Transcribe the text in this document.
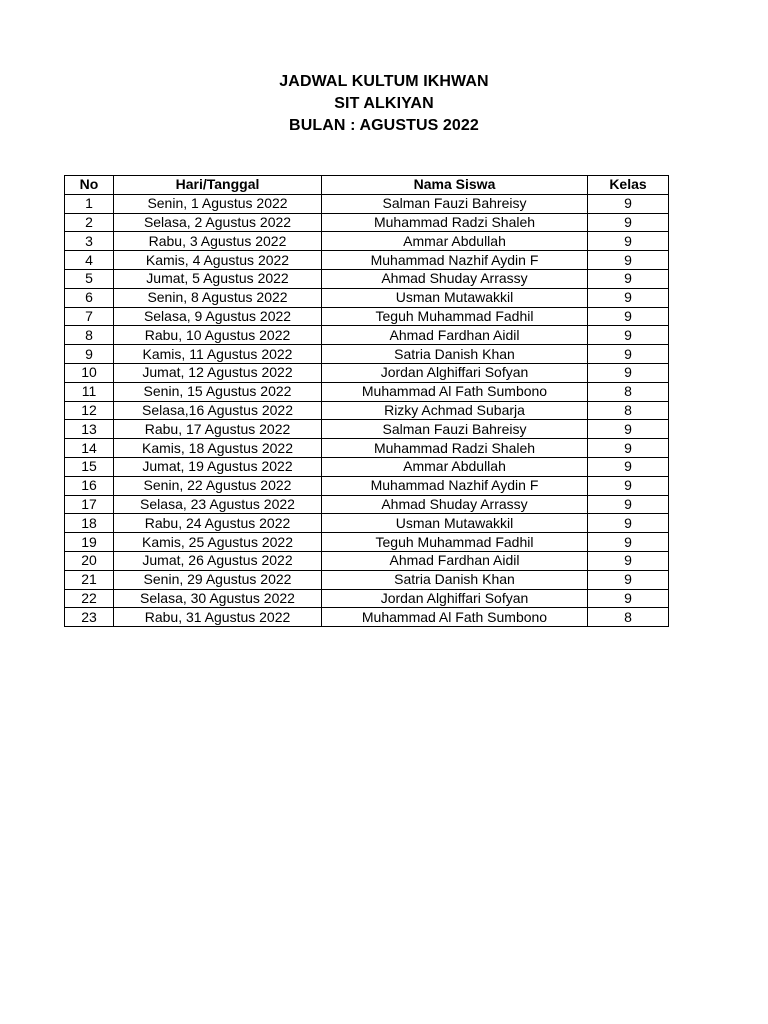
JADWAL KULTUM IKHWAN
SIT ALKIYAN
BULAN : AGUSTUS 2022
No	Hari/Tanggal	Nama Siswa	Kelas
1	Senin, 1 Agustus 2022	Salman Fauzi Bahreisy	9
2	Selasa, 2 Agustus 2022	Muhammad Radzi Shaleh	9
3	Rabu, 3 Agustus 2022	Ammar Abdullah	9
4	Kamis, 4 Agustus 2022	Muhammad Nazhif Aydin F	9
5	Jumat, 5 Agustus 2022	Ahmad Shuday Arrassy	9
6	Senin, 8 Agustus 2022	Usman Mutawakkil	9
7	Selasa, 9 Agustus 2022	Teguh Muhammad Fadhil	9
8	Rabu, 10 Agustus 2022	Ahmad Fardhan Aidil	9
9	Kamis, 11 Agustus 2022	Satria Danish Khan	9
10	Jumat, 12 Agustus 2022	Jordan Alghiffari Sofyan	9
11	Senin, 15 Agustus 2022	Muhammad Al Fath Sumbono	8
12	Selasa,16 Agustus 2022	Rizky Achmad Subarja	8
13	Rabu, 17 Agustus 2022	Salman Fauzi Bahreisy	9
14	Kamis, 18 Agustus 2022	Muhammad Radzi Shaleh	9
15	Jumat, 19 Agustus 2022	Ammar Abdullah	9
16	Senin, 22 Agustus 2022	Muhammad Nazhif Aydin F	9
17	Selasa, 23 Agustus 2022	Ahmad Shuday Arrassy	9
18	Rabu, 24 Agustus 2022	Usman Mutawakkil	9
19	Kamis, 25 Agustus 2022	Teguh Muhammad Fadhil	9
20	Jumat, 26 Agustus 2022	Ahmad Fardhan Aidil	9
21	Senin, 29 Agustus 2022	Satria Danish Khan	9
22	Selasa, 30 Agustus 2022	Jordan Alghiffari Sofyan	9
23	Rabu, 31 Agustus 2022	Muhammad Al Fath Sumbono	8
